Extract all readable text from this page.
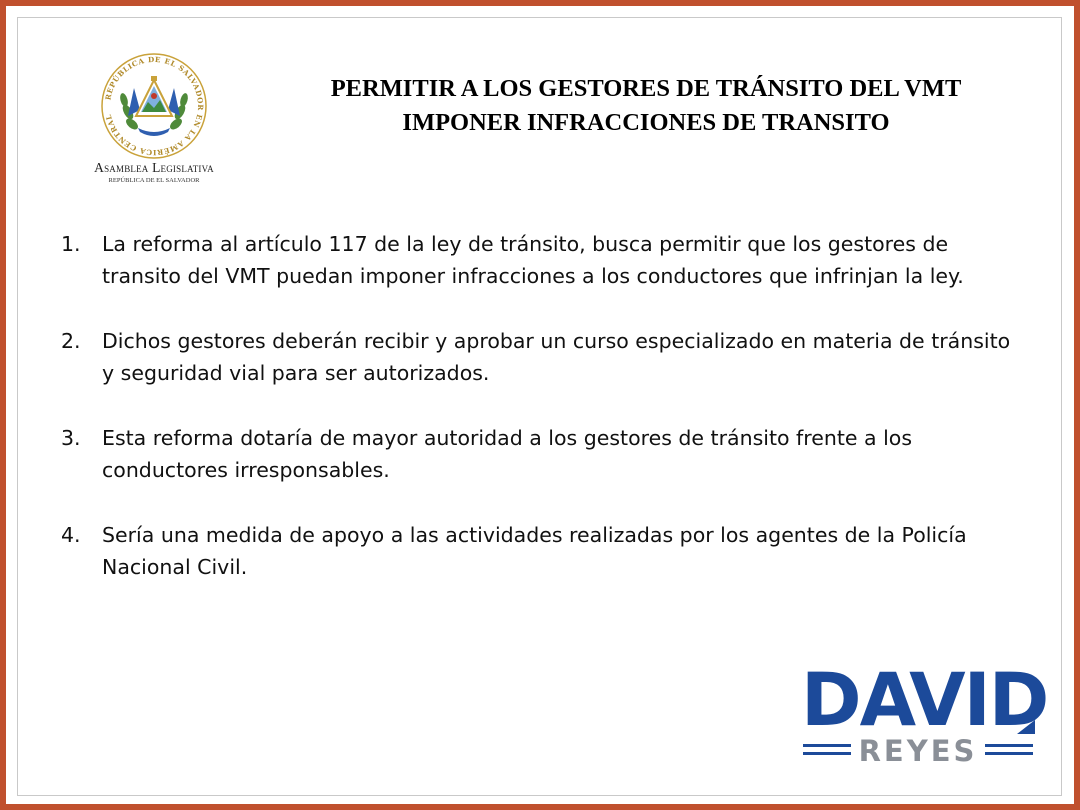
REPÚBLICA DE EL SALVADOR EN LA AMÉRICA CENTRAL
Asamblea Legislativa
REPÚBLICA DE EL SALVADOR
PERMITIR A LOS GESTORES DE TRÁNSITO DEL VMT
IMPONER INFRACCIONES DE TRANSITO
1. La reforma al artículo 117 de la ley de tránsito, busca permitir que los gestores de transito del VMT puedan imponer infracciones a los conductores que infrinjan la ley.
2. Dichos gestores deberán recibir y aprobar un curso especializado en materia de tránsito y seguridad vial para ser autorizados.
3. Esta reforma dotaría de mayor autoridad a los gestores de tránsito frente a los conductores irresponsables.
4. Sería una medida de apoyo a las actividades realizadas por los agentes de la Policía Nacional Civil.
DAVID
REYES
